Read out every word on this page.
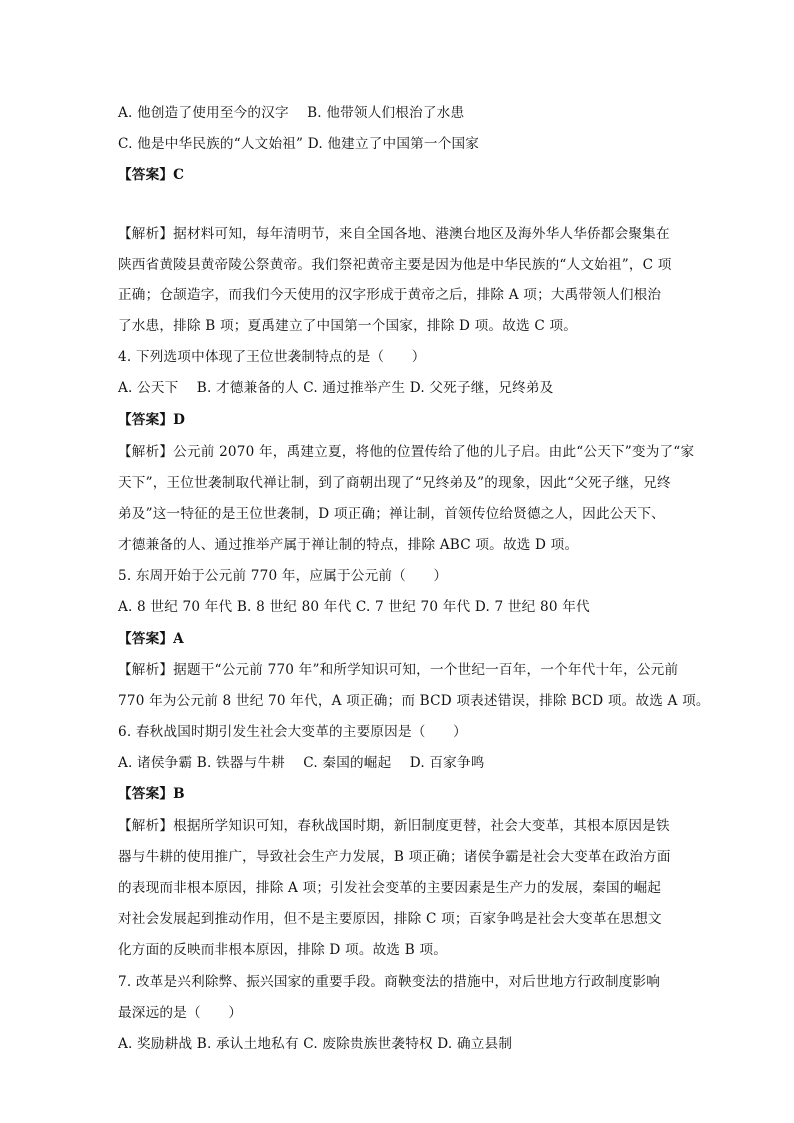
A. 他创造了使用至今的汉字　 B. 他带领人们根治了水患
C. 他是中华民族的“人文始祖” D. 他建立了中国第一个国家
【答案】C
【解析】据材料可知，每年清明节，来自全国各地、港澳台地区及海外华人华侨都会聚集在
陕西省黄陵县黄帝陵公祭黄帝。我们祭祀黄帝主要是因为他是中华民族的“人文始祖”，C 项
正确；仓颉造字，而我们今天使用的汉字形成于黄帝之后，排除 A 项；大禹带领人们根治
了水患，排除 B 项；夏禹建立了中国第一个国家，排除 D 项。故选 C 项。
4. 下列选项中体现了王位世袭制特点的是（　　）
A. 公天下　 B. 才德兼备的人 C. 通过推举产生 D. 父死子继，兄终弟及
【答案】D
【解析】公元前 2070 年，禹建立夏，将他的位置传给了他的儿子启。由此“公天下”变为了“家
天下”，王位世袭制取代禅让制，到了商朝出现了“兄终弟及”的现象，因此“父死子继，兄终
弟及”这一特征的是王位世袭制，D 项正确；禅让制，首领传位给贤德之人，因此公天下、
才德兼备的人、通过推举产属于禅让制的特点，排除 ABC 项。故选 D 项。
5. 东周开始于公元前 770 年，应属于公元前（　　）
A. 8 世纪 70 年代 B. 8 世纪 80 年代 C. 7 世纪 70 年代 D. 7 世纪 80 年代
【答案】A
【解析】据题干“公元前 770 年”和所学知识可知，一个世纪一百年，一个年代十年，公元前
770 年为公元前 8 世纪 70 年代，A 项正确；而 BCD 项表述错误，排除 BCD 项。故选 A 项。
6. 春秋战国时期引发生社会大变革的主要原因是（　　）
A. 诸侯争霸 B. 铁器与牛耕　 C. 秦国的崛起　 D. 百家争鸣
【答案】B
【解析】根据所学知识可知，春秋战国时期，新旧制度更替，社会大变革，其根本原因是铁
器与牛耕的使用推广，导致社会生产力发展，B 项正确；诸侯争霸是社会大变革在政治方面
的表现而非根本原因，排除 A 项；引发社会变革的主要因素是生产力的发展，秦国的崛起
对社会发展起到推动作用，但不是主要原因，排除 C 项；百家争鸣是社会大变革在思想文
化方面的反映而非根本原因，排除 D 项。故选 B 项。
7. 改革是兴利除弊、振兴国家的重要手段。商鞅变法的措施中，对后世地方行政制度影响
最深远的是（　　）
A. 奖励耕战 B. 承认土地私有 C. 废除贵族世袭特权 D. 确立县制
